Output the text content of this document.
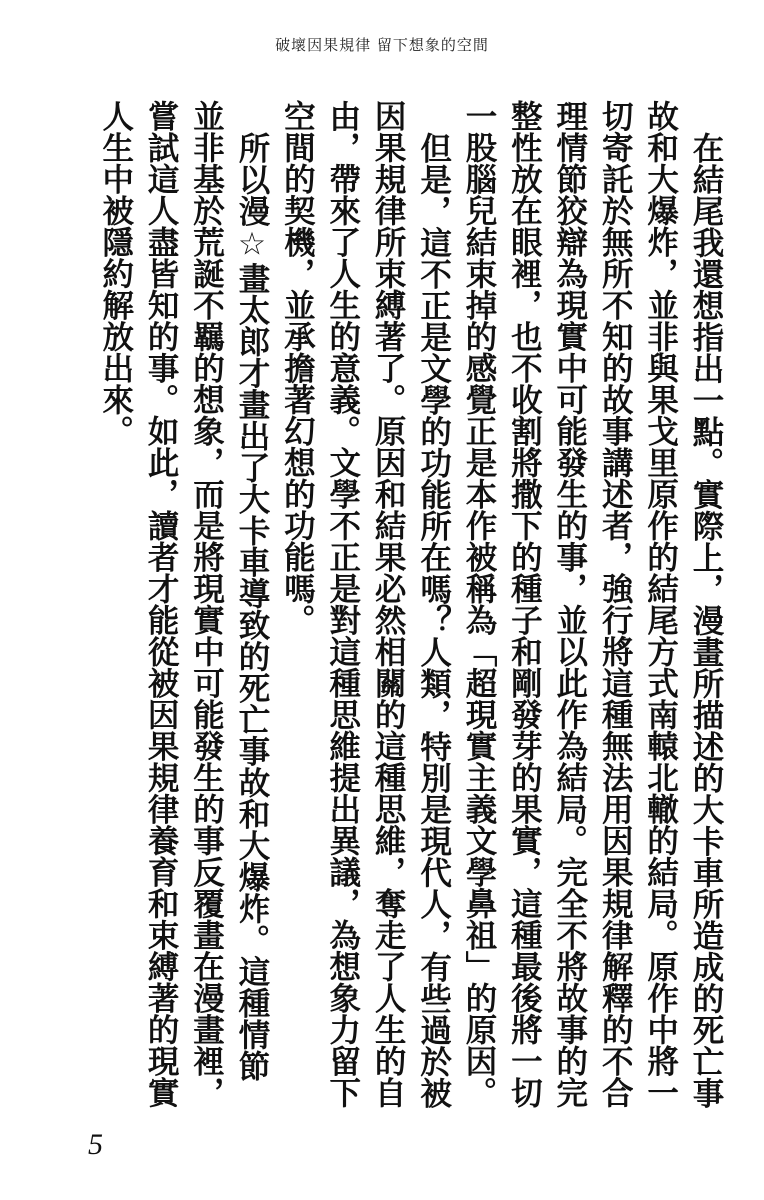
破壞因果規律 留下想象的空間

在結尾我還想指出一點。實際上，漫畫所描述的大卡車所造成的死亡事故和大爆炸，並非與果戈里原作的結尾方式南轅北轍的結局。原作中將一切寄託於無所不知的故事講述者，強行將這種無法用因果規律解釋的不合理情節狡辯為現實中可能發生的事，並以此作為結局。完全不將故事的完整性放在眼裡，也不收割將撒下的種子和剛發芽的果實，這種最後將一切一股腦兒結束掉的感覺正是本作被稱為「超現實主義文學鼻祖」的原因。

但是，這不正是文學的功能所在嗎？人類，特別是現代人，有些過於被因果規律所束縛著了。原因和結果必然相關的這種思維，奪走了人生的自由，帶來了人生的意義。文學不正是對這種思維提出異議，為想象力留下空間的契機，並承擔著幻想的功能嗎。

所以漫☆畫太郎才畫出了大卡車導致的死亡事故和大爆炸。這種情節並非基於荒誕不羈的想象，而是將現實中可能發生的事反覆畫在漫畫裡，嘗試這人盡皆知的事。如此，讀者才能從被因果規律養育和束縛著的現實人生中被隱約解放出來。

5
